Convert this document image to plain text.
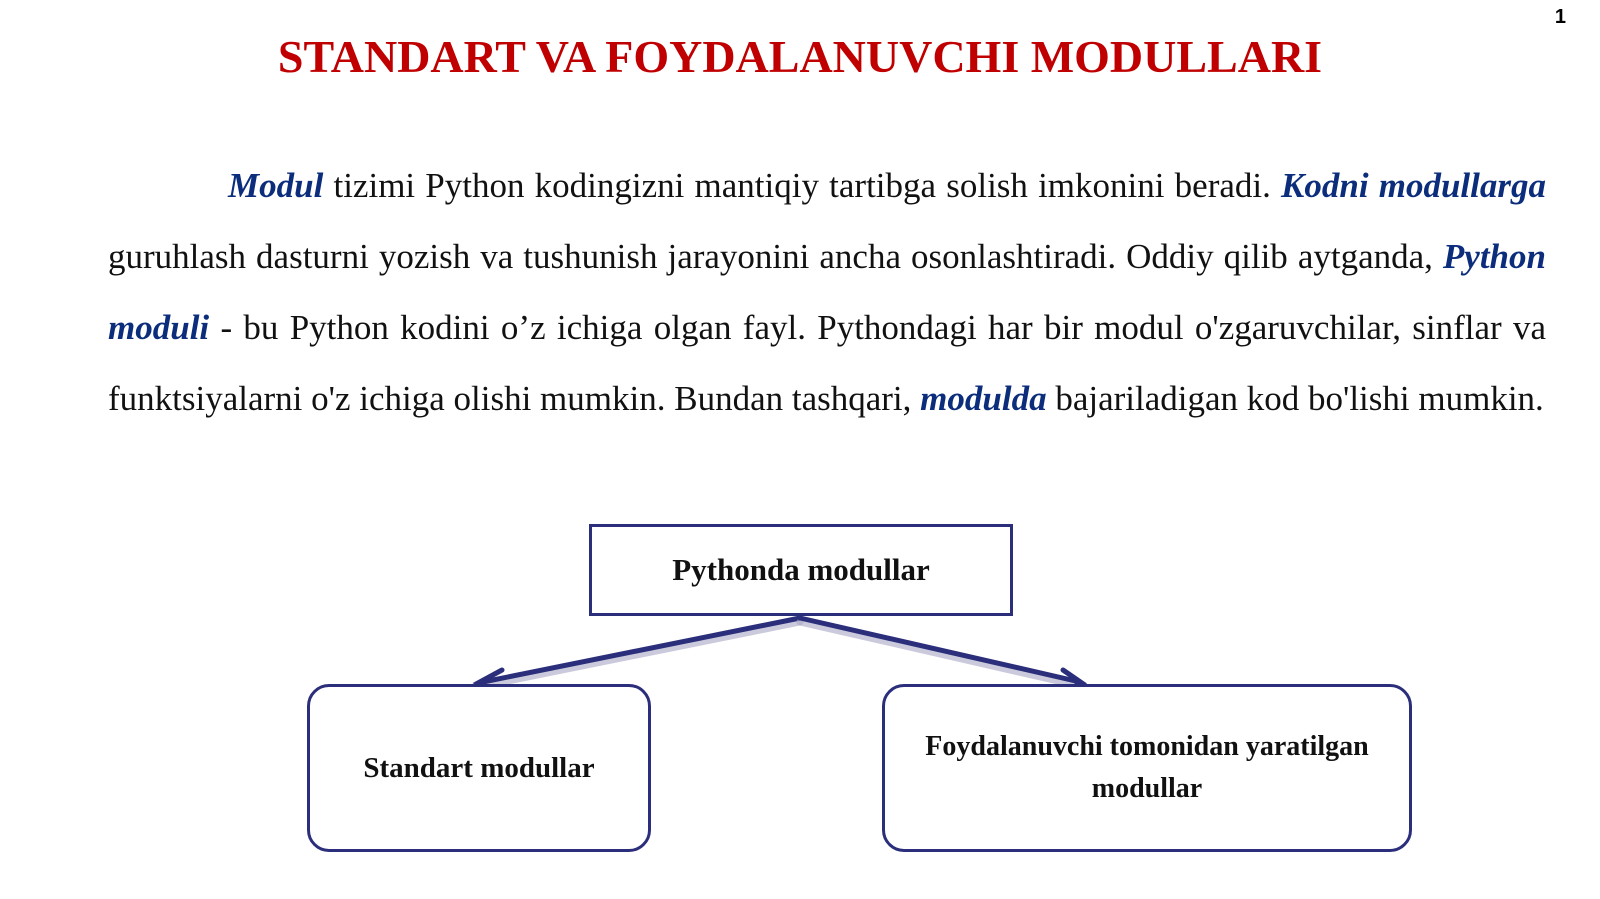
1
STANDART VA FOYDALANUVCHI MODULLARI

Modul tizimi Python kodingizni mantiqiy tartibga solish imkonini beradi. Kodni modullarga guruhlash dasturni yozish va tushunish jarayonini ancha osonlashtiradi. Oddiy qilib aytganda, Python moduli - bu Python kodini o’z ichiga olgan fayl. Pythondagi har bir modul o'zgaruvchilar, sinflar va funktsiyalarni o'z ichiga olishi mumkin. Bundan tashqari, modulda bajariladigan kod bo'lishi mumkin.

Pythonda modullar
Standart modullar
Foydalanuvchi tomonidan yaratilgan modullar
